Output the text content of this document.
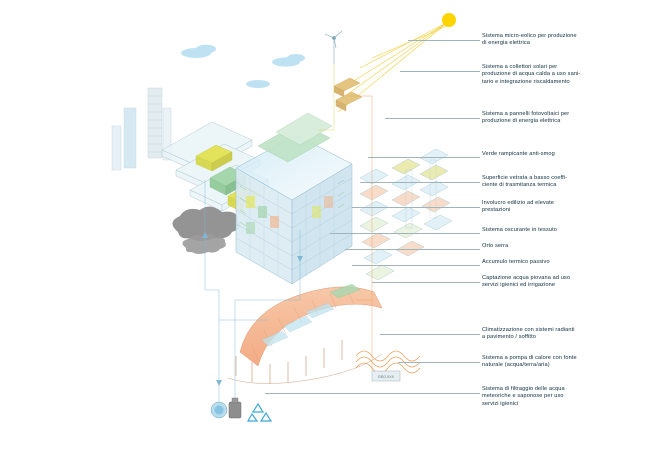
GEO.XXX
Sistema micro-eolico per produzione
di energia elettrica
Sistema a collettori solari per
produzione di acqua calda a uso sani-
tario e integrazione riscaldamento
Sistema a pannelli fotovoltaici per
produzione di energia elettrica
Verde rampicante anti-smog
Superficie vetrata a basso coeffi-
ciente di trasmitanza termica
Involucro edilizio ad elevate
prestazioni
Sistema oscurante in tessuto
Orto serra
Accumulo termico passivo
Captazione acqua piovana ad uso
servizi igienici ed irrigazione
Climatizzazione con sistemi radianti
a pavimento / soffitto
Sistema a pompa di calore con fonte
naturale (acqua/terra/aria)
Sistema di filtraggio delle acqua
meteoriche e saponose per uso
servizi igienici
